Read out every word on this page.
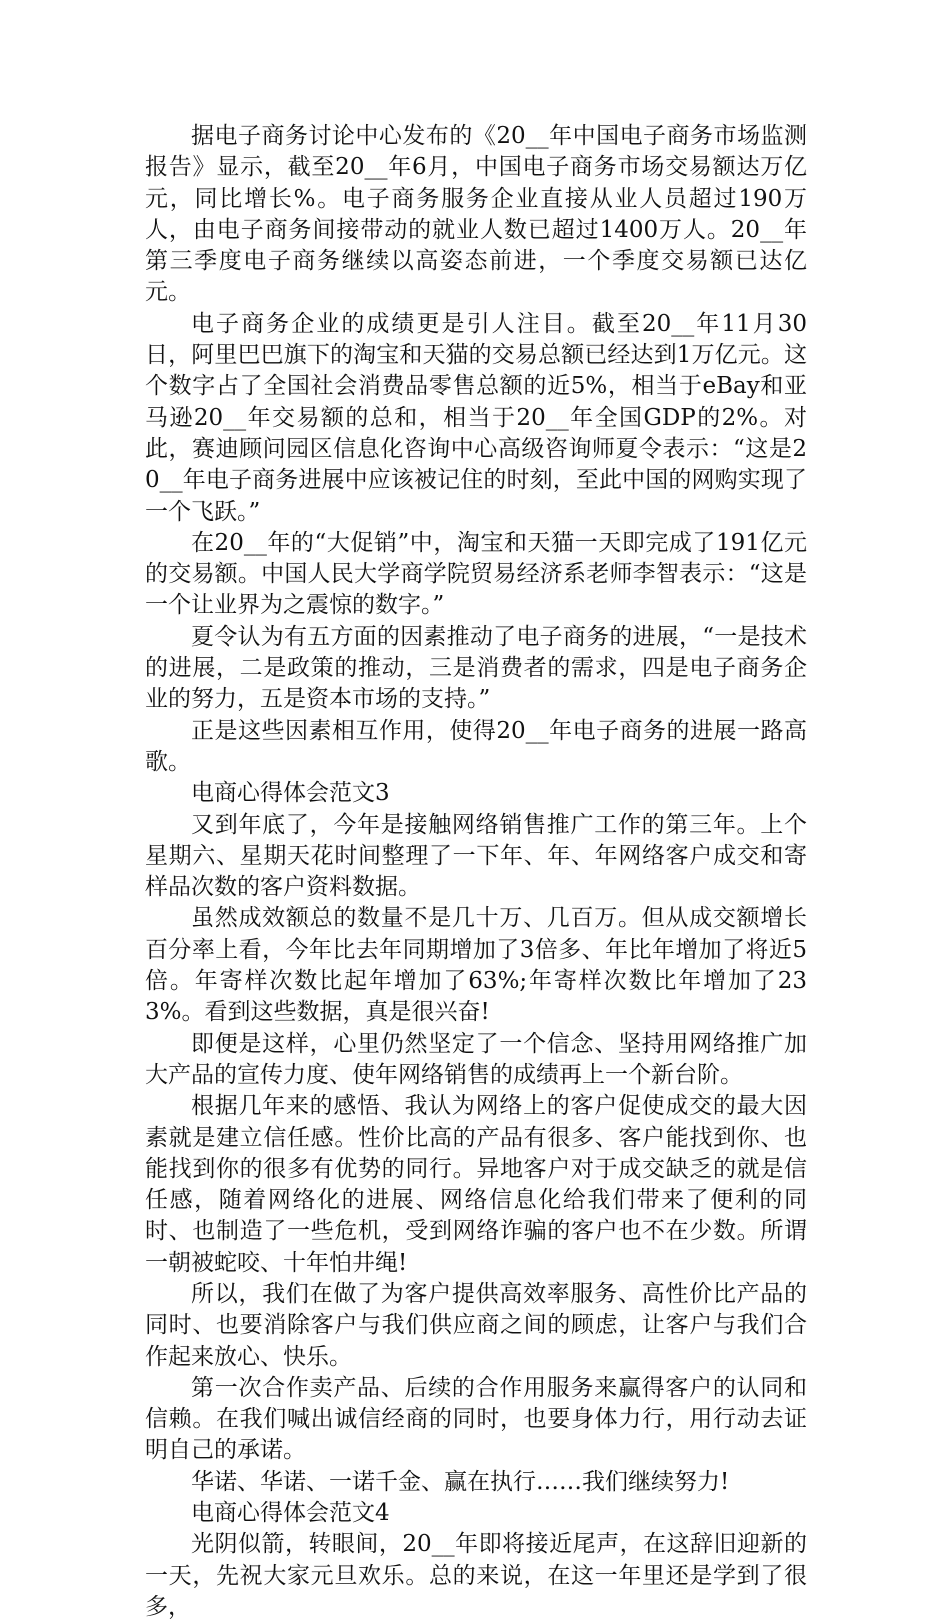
据电子商务讨论中心发布的《20__年中国电子商务市场监测报告》显示，截至20__年6月，中国电子商务市场交易额达万亿元，同比增长%。电子商务服务企业直接从业人员超过190万人，由电子商务间接带动的就业人数已超过1400万人。20__年第三季度电子商务继续以高姿态前进，一个季度交易额已达亿元。

电子商务企业的成绩更是引人注目。截至20__年11月30日，阿里巴巴旗下的淘宝和天猫的交易总额已经达到1万亿元。这个数字占了全国社会消费品零售总额的近5%，相当于eBay和亚马逊20__年交易额的总和，相当于20__年全国GDP的2%。对此，赛迪顾问园区信息化咨询中心高级咨询师夏令表示：“这是20__年电子商务进展中应该被记住的时刻，至此中国的网购实现了一个飞跃。”

在20__年的“大促销”中，淘宝和天猫一天即完成了191亿元的交易额。中国人民大学商学院贸易经济系老师李智表示：“这是一个让业界为之震惊的数字。”

夏令认为有五方面的因素推动了电子商务的进展，“一是技术的进展，二是政策的推动，三是消费者的需求，四是电子商务企业的努力，五是资本市场的支持。”

正是这些因素相互作用，使得20__年电子商务的进展一路高歌。

电商心得体会范文3

又到年底了，今年是接触网络销售推广工作的第三年。上个星期六、星期天花时间整理了一下年、年、年网络客户成交和寄样品次数的客户资料数据。

虽然成效额总的数量不是几十万、几百万。但从成交额增长百分率上看，今年比去年同期增加了3倍多、年比年增加了将近5倍。年寄样次数比起年增加了63%;年寄样次数比年增加了233%。看到这些数据，真是很兴奋!

即便是这样，心里仍然坚定了一个信念、坚持用网络推广加大产品的宣传力度、使年网络销售的成绩再上一个新台阶。

根据几年来的感悟、我认为网络上的客户促使成交的最大因素就是建立信任感。性价比高的产品有很多、客户能找到你、也能找到你的很多有优势的同行。异地客户对于成交缺乏的就是信任感，随着网络化的进展、网络信息化给我们带来了便利的同时、也制造了一些危机，受到网络诈骗的客户也不在少数。所谓一朝被蛇咬、十年怕井绳!

所以，我们在做了为客户提供高效率服务、高性价比产品的同时、也要消除客户与我们供应商之间的顾虑，让客户与我们合作起来放心、快乐。

第一次合作卖产品、后续的合作用服务来赢得客户的认同和信赖。在我们喊出诚信经商的同时，也要身体力行，用行动去证明自己的承诺。

华诺、华诺、一诺千金、赢在执行……我们继续努力!

电商心得体会范文4

光阴似箭，转眼间，20__年即将接近尾声，在这辞旧迎新的一天，先祝大家元旦欢乐。总的来说，在这一年里还是学到了很多，
